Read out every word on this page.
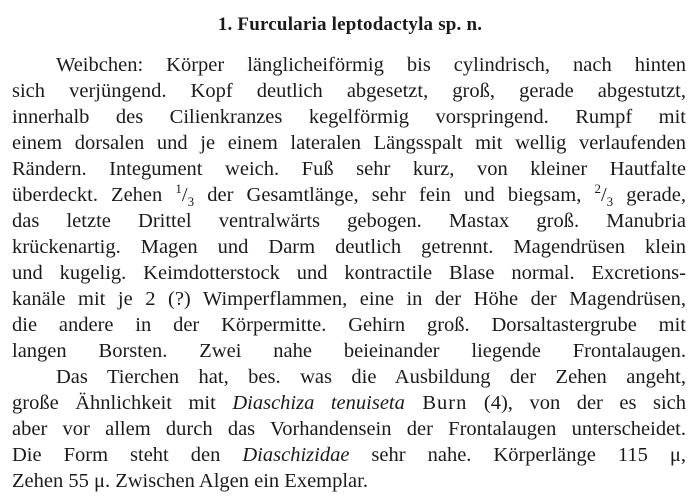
1. Furcularia leptodactyla sp. n.
Weibchen: Körper länglicheiförmig bis cylindrisch, nach hinten
sich verjüngend. Kopf deutlich abgesetzt, groß, gerade abgestutzt,
innerhalb des Cilienkranzes kegelförmig vorspringend. Rumpf mit
einem dorsalen und je einem lateralen Längsspalt mit wellig verlaufenden
Rändern. Integument weich. Fuß sehr kurz, von kleiner Hautfalte
überdeckt. Zehen $^1/_3$ der Gesamtlänge, sehr fein und biegsam, $^2/_3$ gerade,
das letzte Drittel ventralwärts gebogen. Mastax groß. Manubria
krückenartig. Magen und Darm deutlich getrennt. Magendrüsen klein
und kugelig. Keimdotterstock und kontractile Blase normal. Excretions-
kanäle mit je 2 (?) Wimperflammen, eine in der Höhe der Magendrüsen,
die andere in der Körpermitte. Gehirn groß. Dorsaltastergrube mit
langen Borsten. Zwei nahe beieinander liegende Frontalaugen.
Das Tierchen hat, bes. was die Ausbildung der Zehen angeht,
große Ähnlichkeit mit Diaschiza tenuiseta Burn (4), von der es sich
aber vor allem durch das Vorhandensein der Frontalaugen unterscheidet.
Die Form steht den Diaschizidae sehr nahe. Körperlänge 115 μ,
Zehen 55 μ. Zwischen Algen ein Exemplar.
